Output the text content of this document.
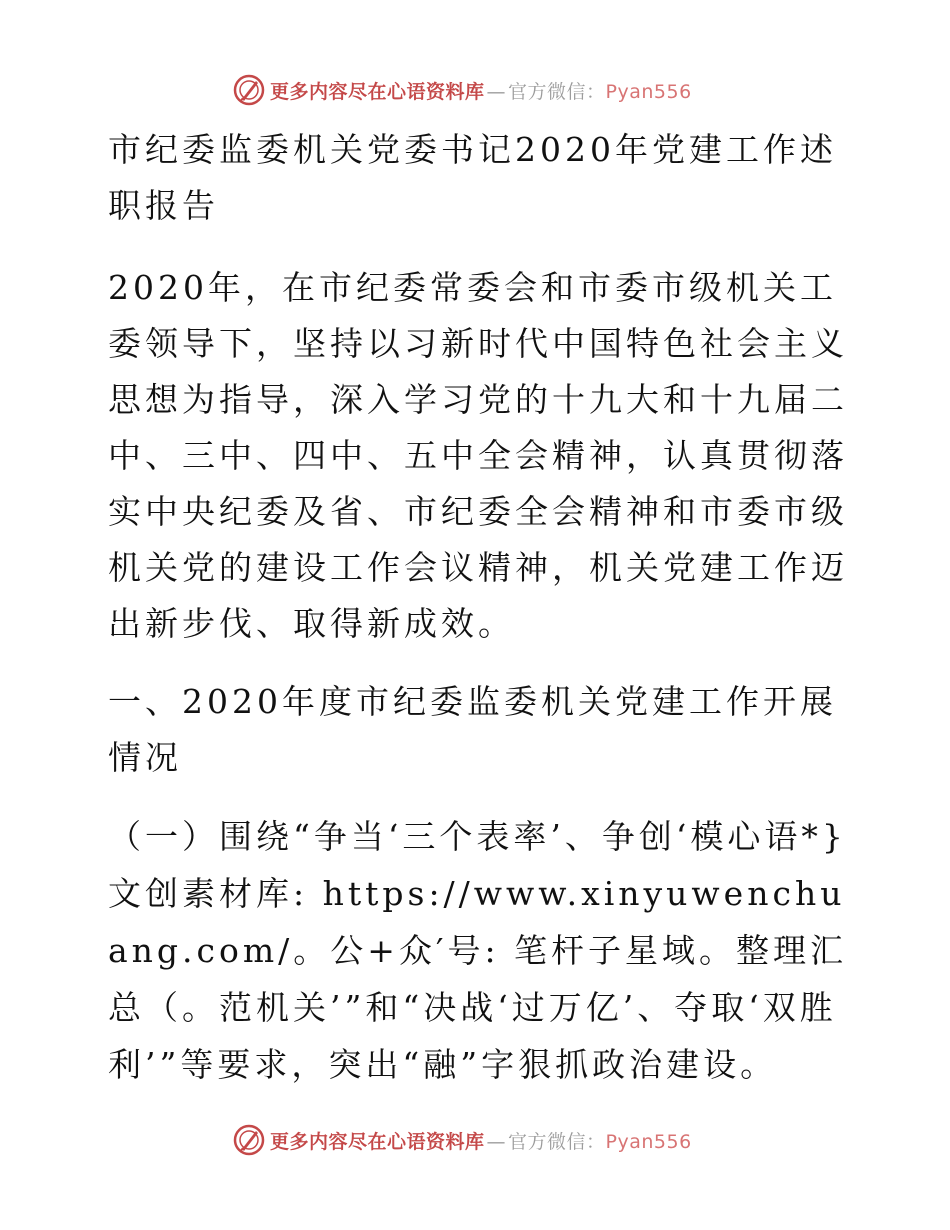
更多内容尽在心语资料库 — 官方微信：Pyan556

市纪委监委机关党委书记2020年党建工作述职报告

2020年，在市纪委常委会和市委市级机关工委领导下，坚持以习新时代中国特色社会主义思想为指导，深入学习党的十九大和十九届二中、三中、四中、五中全会精神，认真贯彻落实中央纪委及省、市纪委全会精神和市委市级机关党的建设工作会议精神，机关党建工作迈出新步伐、取得新成效。

一、2020年度市纪委监委机关党建工作开展情况

（一）围绕“争当‘三个表率’、争创‘模心语*}文创素材库: https://www.xinyuwenchuang.com/。公+众′号: 笔杆子星域。整理汇总（。范机关’”和“决战‘过万亿’、夺取‘双胜利’”等要求，突出“融”字狠抓政治建设。

更多内容尽在心语资料库 — 官方微信：Pyan556
